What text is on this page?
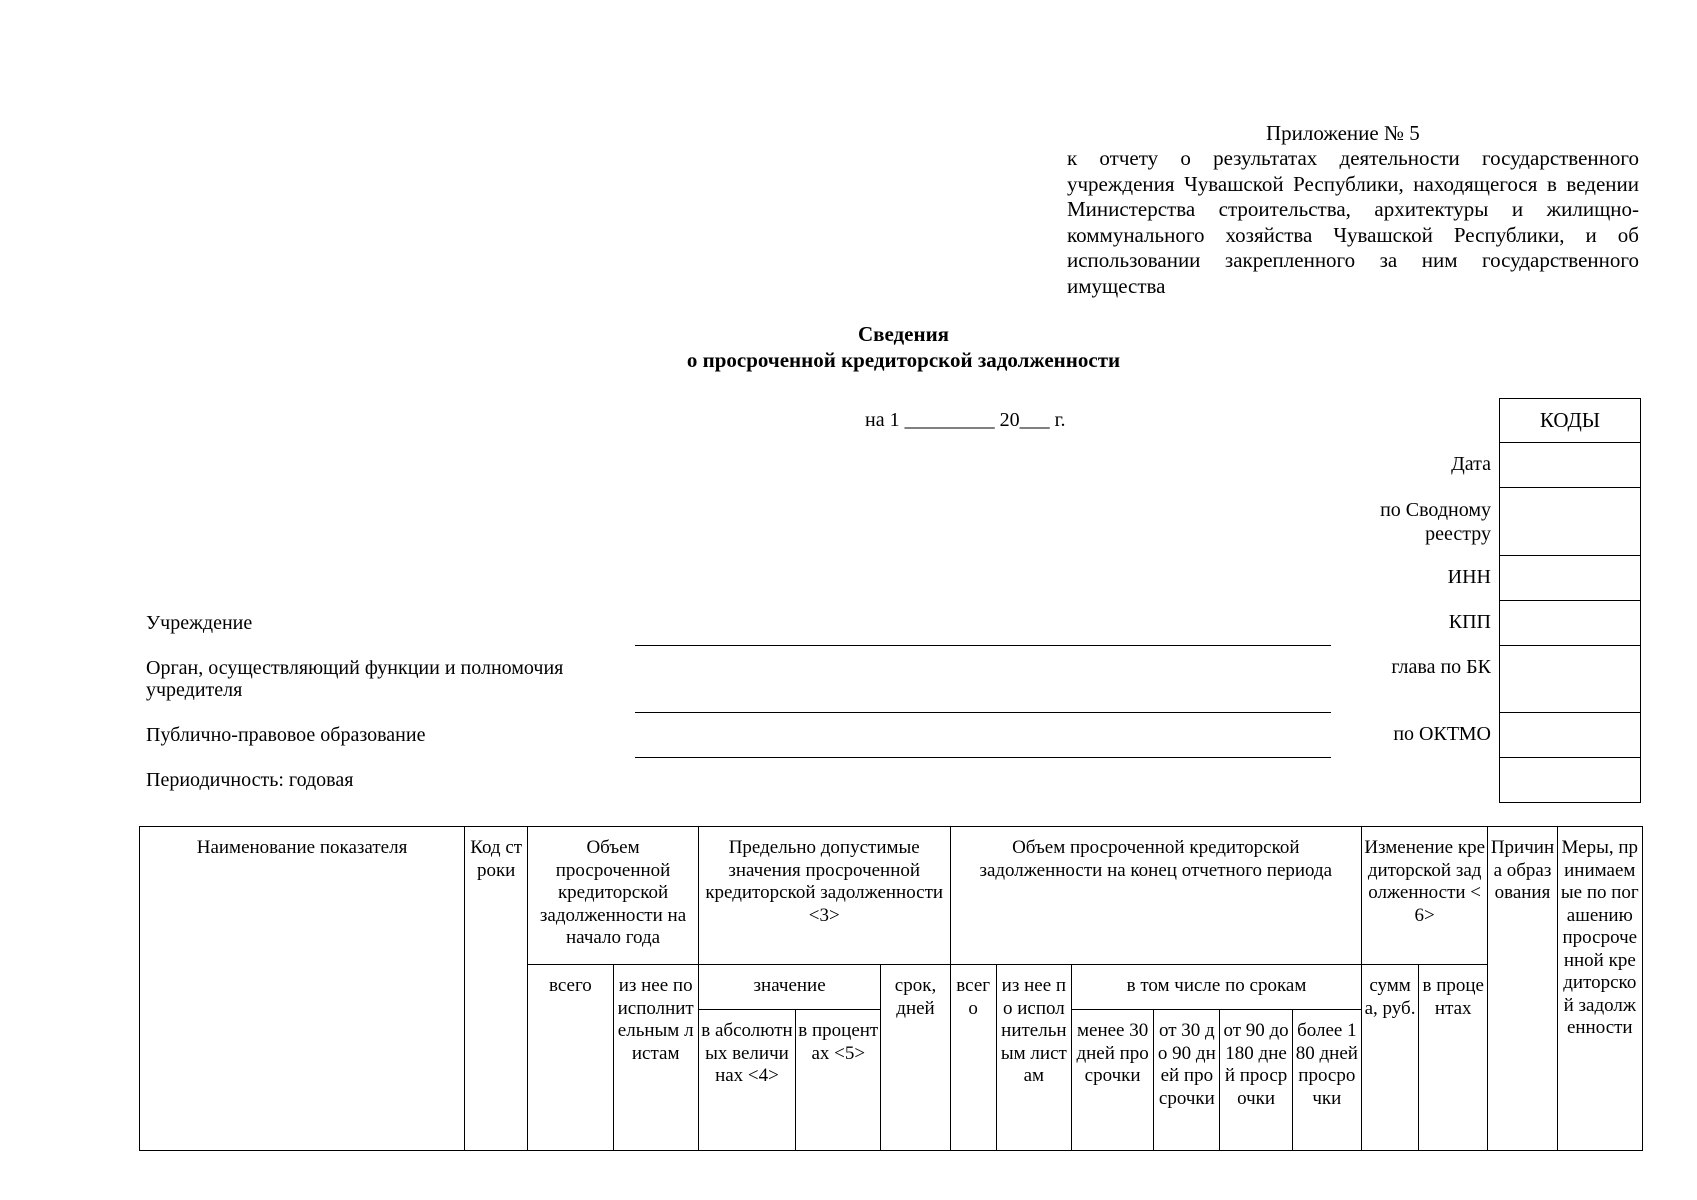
Приложение № 5
к отчету о результатах деятельности государственного учреждения Чувашской Республики, находящегося в ведении Министерства строительства, архитектуры и жилищно-коммунального хозяйства Чувашской Республики, и об использовании закрепленного за ним государственного имущества
Сведения
о просроченной кредиторской задолженности
на 1 _________ 20___ г.	КОДЫ

Дата
по Сводному реестру
ИНН
КПП
глава по БК
по ОКТМО
Учреждение
Орган, осуществляющий функции и полномочия учредителя
Публично-правовое образование
Периодичность: годовая
Наименование показателя	Код строки	Объем просроченной кредиторской задолженности на начало года		Предельно допустимые значения просроченной кредиторской задолженности <3>			Объем просроченной кредиторской задолженности на конец отчетного периода						Изменение кредиторской задолженности <6>		Причина образования	Меры, принимаемые по погашению просроченной кредиторской задолженности
		всего	из нее по исполнительным листам	значение		срок, дней	всего	из нее по исполнительным листам	в том числе по срокам				сумма, руб.	в процентах		
				в абсолютных величинах <4>	в процентах <5>				менее 30 дней просрочки	от 30 до 90 дней просрочки	от 90 до 180 дней просрочки	более 180 дней просрочки				
